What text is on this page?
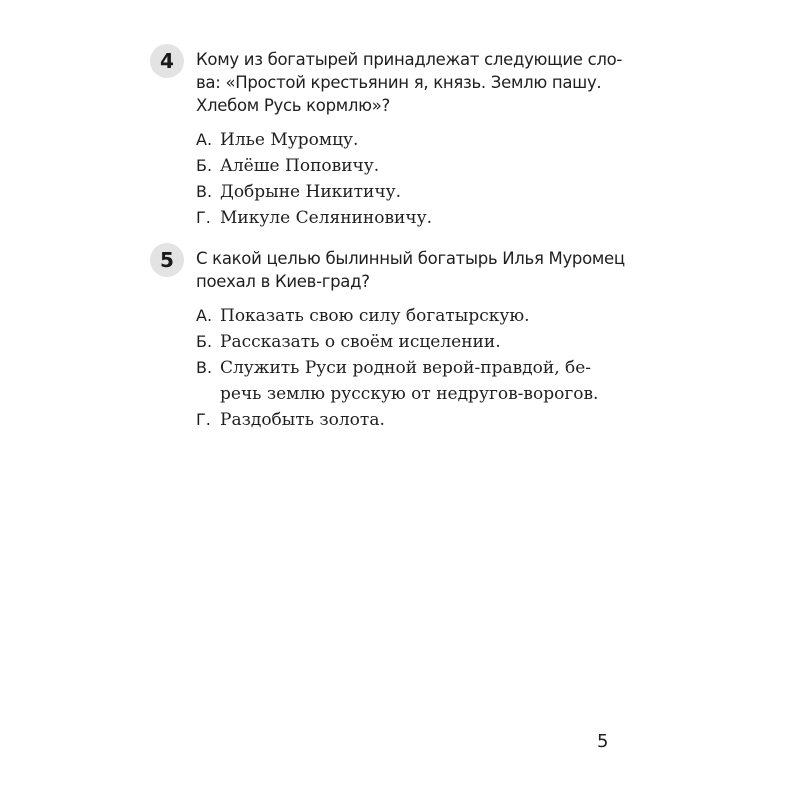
4	Кому из богатырей принадлежат следующие сло-
ва: «Простой крестьянин я, князь. Землю пашу.
Хлебом Русь кормлю»?
А. Илье Муромцу.
Б. Алёше Поповичу.
В. Добрыне Никитичу.
Г. Микуле Селяниновичу.
5	С какой целью былинный богатырь Илья Муромец
поехал в Киев-град?
А. Показать свою силу богатырскую.
Б. Рассказать о своём исцелении.
В. Служить Руси родной верой-правдой, бе-
речь землю русскую от недругов-ворогов.
Г. Раздобыть золота.
5
